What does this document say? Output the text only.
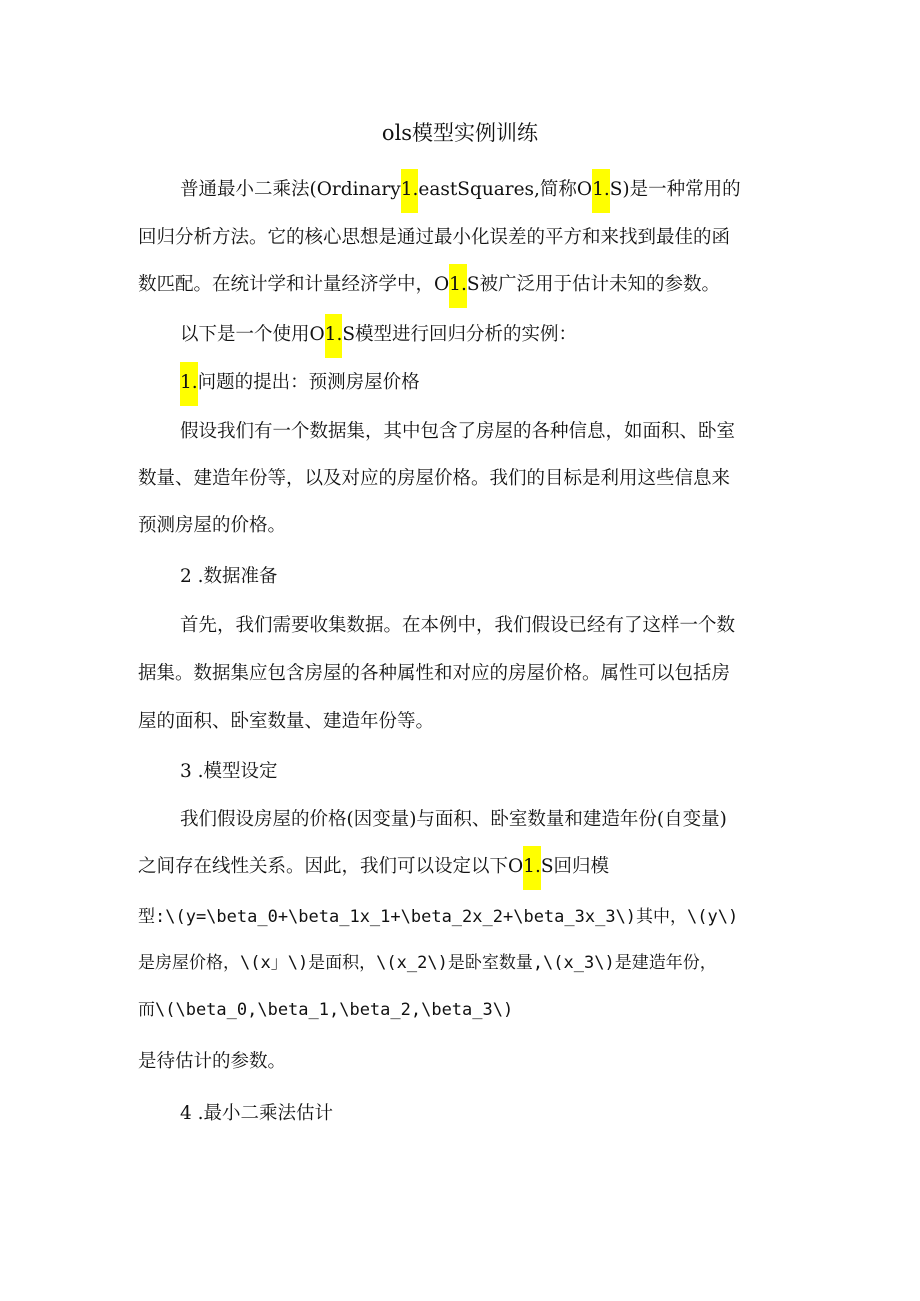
ols模型实例训练
普通最小二乘法(Ordinary1.eastSquares,简称O1.S)是一种常用的
回归分析方法。它的核心思想是通过最小化误差的平方和来找到最佳的函
数匹配。在统计学和计量经济学中，O1.S被广泛用于估计未知的参数。
以下是一个使用O1.S模型进行回归分析的实例：
1.问题的提出：预测房屋价格
假设我们有一个数据集，其中包含了房屋的各种信息，如面积、卧室
数量、建造年份等，以及对应的房屋价格。我们的目标是利用这些信息来
预测房屋的价格。
2 .数据准备
首先，我们需要收集数据。在本例中，我们假设已经有了这样一个数
据集。数据集应包含房屋的各种属性和对应的房屋价格。属性可以包括房
屋的面积、卧室数量、建造年份等。
3 .模型设定
我们假设房屋的价格(因变量)与面积、卧室数量和建造年份(自变量)
之间存在线性关系。因此，我们可以设定以下O1.S回归模
型:\(y=\beta_0+\beta_1x_1+\beta_2x_2+\beta_3x_3\)其中，\(y\)
是房屋价格，\(x」\)是面积，\(x_2\)是卧室数量,\(x_3\)是建造年份，
而\(\beta_0,\beta_1,\beta_2,\beta_3\)
是待估计的参数。
4 .最小二乘法估计
